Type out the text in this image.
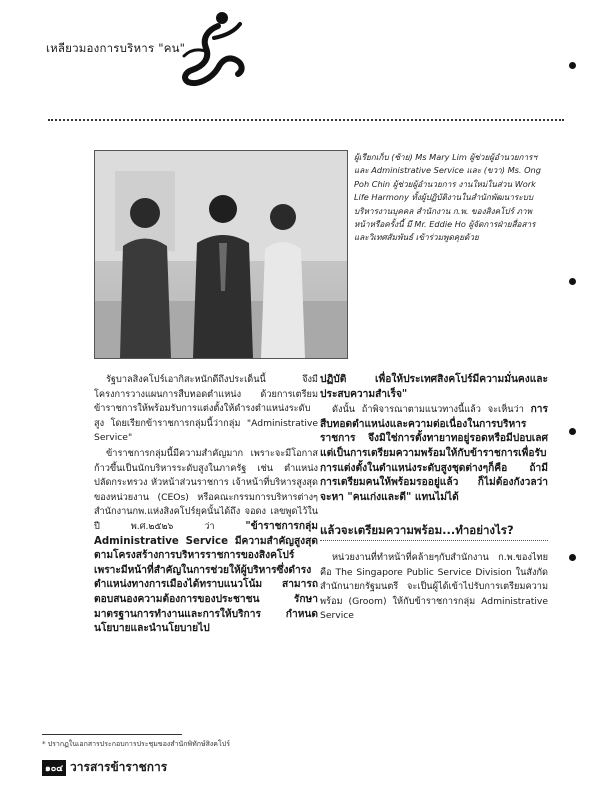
เหลียวมองการบริหาร "คน"
ผู้เรียกเก็บ (ซ้าย) Ms Mary Lim ผู้ช่วยผู้อำนวยการฯ และ Administrative Service และ (ขวา) Ms. Ong Poh Chin ผู้ช่วยผู้อำนวยการ งานใหม่ในส่วน Work Life Harmony ทั้งผู้ปฏิบัติงานในสำนักพัฒนาระบบ บริหารงานบุคคล สำนักงาน ก.พ. ของสิงคโปร์ ภาพหน้าหรือครั้งนี้ มี Mr. Eddie Ho ผู้จัดการฝ่ายสื่อสารและวิเทศสัมพันธ์ เข้าร่วมพูดคุยด้วย

รัฐบาลสิงคโปร์เอากิสะหนักดีถึงประเด็นนี้ จึงมีโครงการวางแผนการสืบทอดตำแหน่ง ด้วยการเตรียมข้าราชการให้พร้อมรับการแต่งตั้งให้ดำรงตำแหน่งระดับสูง โดยเรียกข้าราชการกลุ่มนี้ว่ากลุ่ม "Administrative Service"

ข้าราชการกลุ่มนี้มีความสำคัญมาก เพราะจะมีโอกาสก้าวขึ้นเป็นนักบริหารระดับสูงในภาครัฐ เช่น ตำแหน่งปลัดกระทรวง หัวหน้าส่วนราชการ เจ้าหน้าที่บริหารสูงสุดของหน่วยงาน (CEOs) หรือคณะกรรมการบริหารต่างๆ สำนักงานกพ.แห่งสิงคโปร์ยุคนั้นได้ถึง จอดง เลขพูดไว้ในปี พ.ศ.๒๕๒๖ ว่า	"ข้าราชการกลุ่ม Administrative Service มีความสำคัญสูงสุดตามโครงสร้างการบริหารราชการของสิงคโปร์ เพราะมีหน้าที่สำคัญในการช่วยให้ผู้บริหารซึ่งดำรงตำแหน่งทางการเมืองได้ทราบแนวโน้ม สามารถตอบสนองความต้องการของประชาชน รักษามาตรฐานการทำงานและการให้บริการ กำหนดนโยบายและนำนโยบายไป

ปฏิบัติ เพื่อให้ประเทศสิงคโปร์มีความมั่นคงและประสบความสำเร็จ"

ดังนั้น ถ้าพิจารณาตามแนวทางนี้แล้ว จะเห็นว่า การสืบทอดตำแหน่งและความต่อเนื่องในการบริหารราชการ จึงมิใช่การตั้งทายาทอยู่รอดหรือมีปอบเลศ แต่เป็นการเตรียมความพร้อมให้กับข้าราชการเพื่อรับการแต่งตั้งในตำแหน่งระดับสูงชุดต่างๆก็คือ ถ้ามีการเตรียมคนให้พร้อมรออยู่แล้ว ก็ไม่ต้องกังวลว่า จะหา "คนเก่งและดี" แทนไม่ได้

แล้วจะเตรียมความพร้อม...ทำอย่างไร?

หน่วยงานที่ทำหน้าที่คล้ายๆกับสำนักงาน ก.พ.ของไทย คือ The Singapore Public Service Division ในสังกัดสำนักนายกรัฐมนตรี จะเป็นผู้ได้เข้าไปรับการเตรียมความพร้อม (Groom) ให้กับข้าราชการกลุ่ม Administrative Service

* ปรากฏในเอกสารประกอบการประชุมของสำนักพิทักษ์สิงคโปร์
๑๐๔ วารสารข้าราชการ
